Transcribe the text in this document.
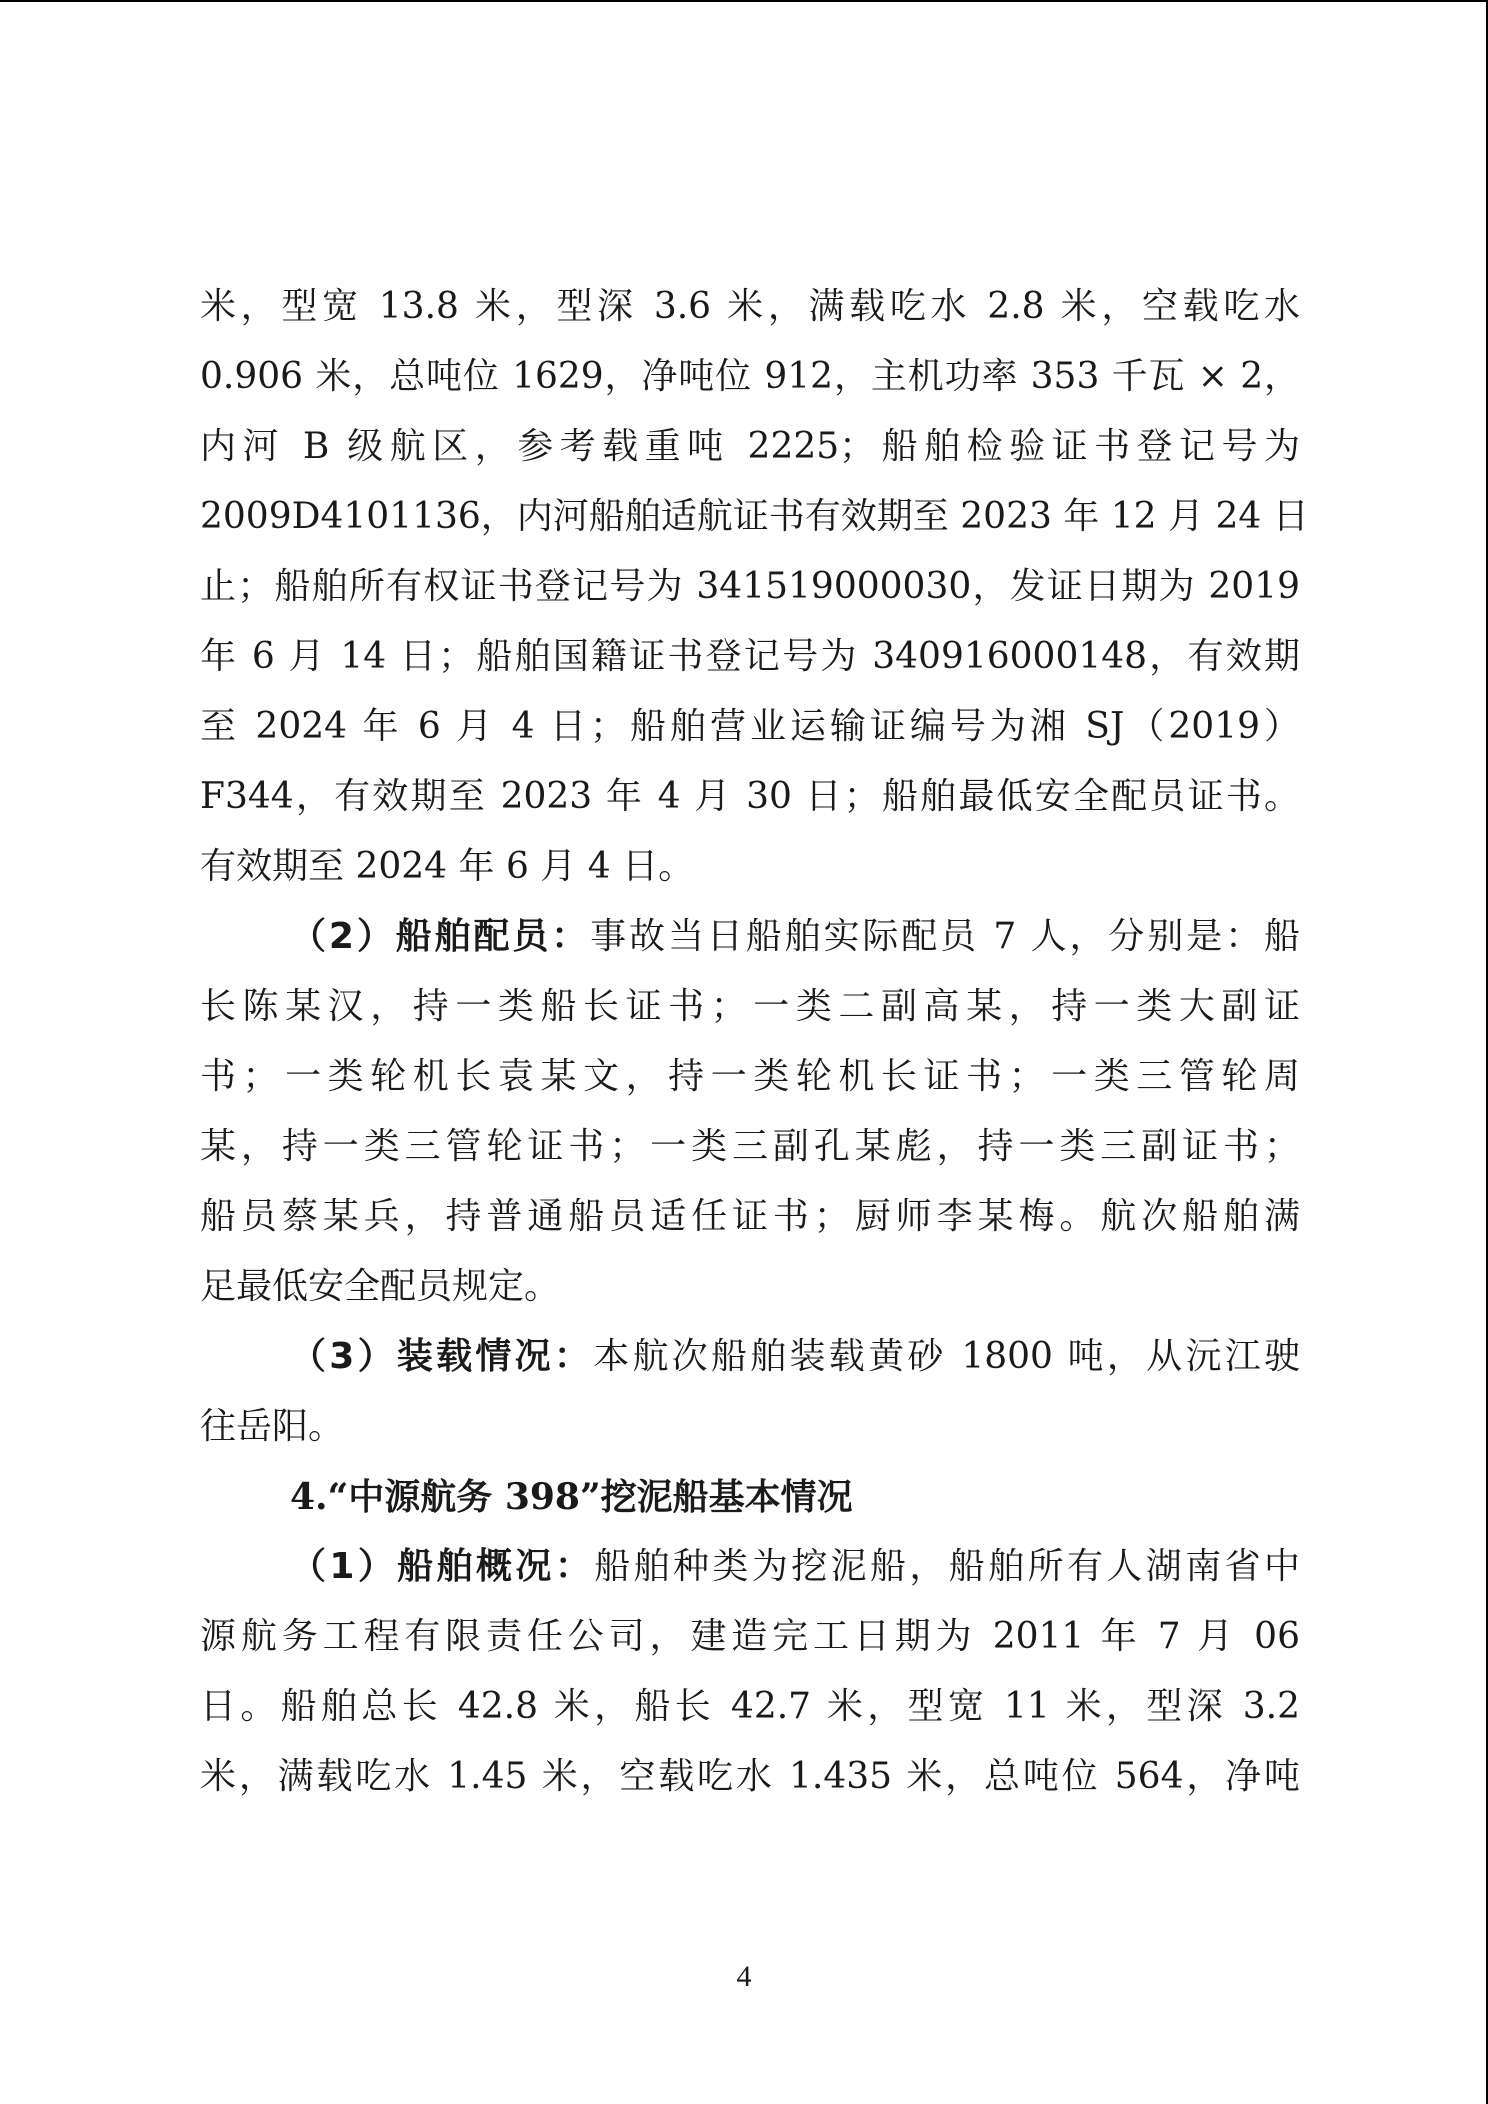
米，型宽 13.8 米，型深 3.6 米，满载吃水 2.8 米，空载吃水
0.906 米，总吨位 1629，净吨位 912，主机功率 353 千瓦 × 2，
内河 B 级航区，参考载重吨 2225；船舶检验证书登记号为
2009D4101136，内河船舶适航证书有效期至 2023 年 12 月 24 日
止；船舶所有权证书登记号为 341519000030，发证日期为 2019
年 6 月 14 日；船舶国籍证书登记号为 340916000148，有效期
至 2024 年 6 月 4 日；船舶营业运输证编号为湘 SJ（2019）
F344，有效期至 2023 年 4 月 30 日；船舶最低安全配员证书。
有效期至 2024 年 6 月 4 日。
（2）船舶配员：事故当日船舶实际配员 7 人，分别是：船
长陈某汉，持一类船长证书；一类二副高某，持一类大副证
书；一类轮机长袁某文，持一类轮机长证书；一类三管轮周
某，持一类三管轮证书；一类三副孔某彪，持一类三副证书；
船员蔡某兵，持普通船员适任证书；厨师李某梅。航次船舶满
足最低安全配员规定。
（3）装载情况：本航次船舶装载黄砂 1800 吨，从沅江驶
往岳阳。
4.“中源航务 398”挖泥船基本情况
（1）船舶概况：船舶种类为挖泥船，船舶所有人湖南省中
源航务工程有限责任公司，建造完工日期为 2011 年 7 月 06
日。船舶总长 42.8 米，船长 42.7 米，型宽 11 米，型深 3.2
米，满载吃水 1.45 米，空载吃水 1.435 米，总吨位 564，净吨
4
